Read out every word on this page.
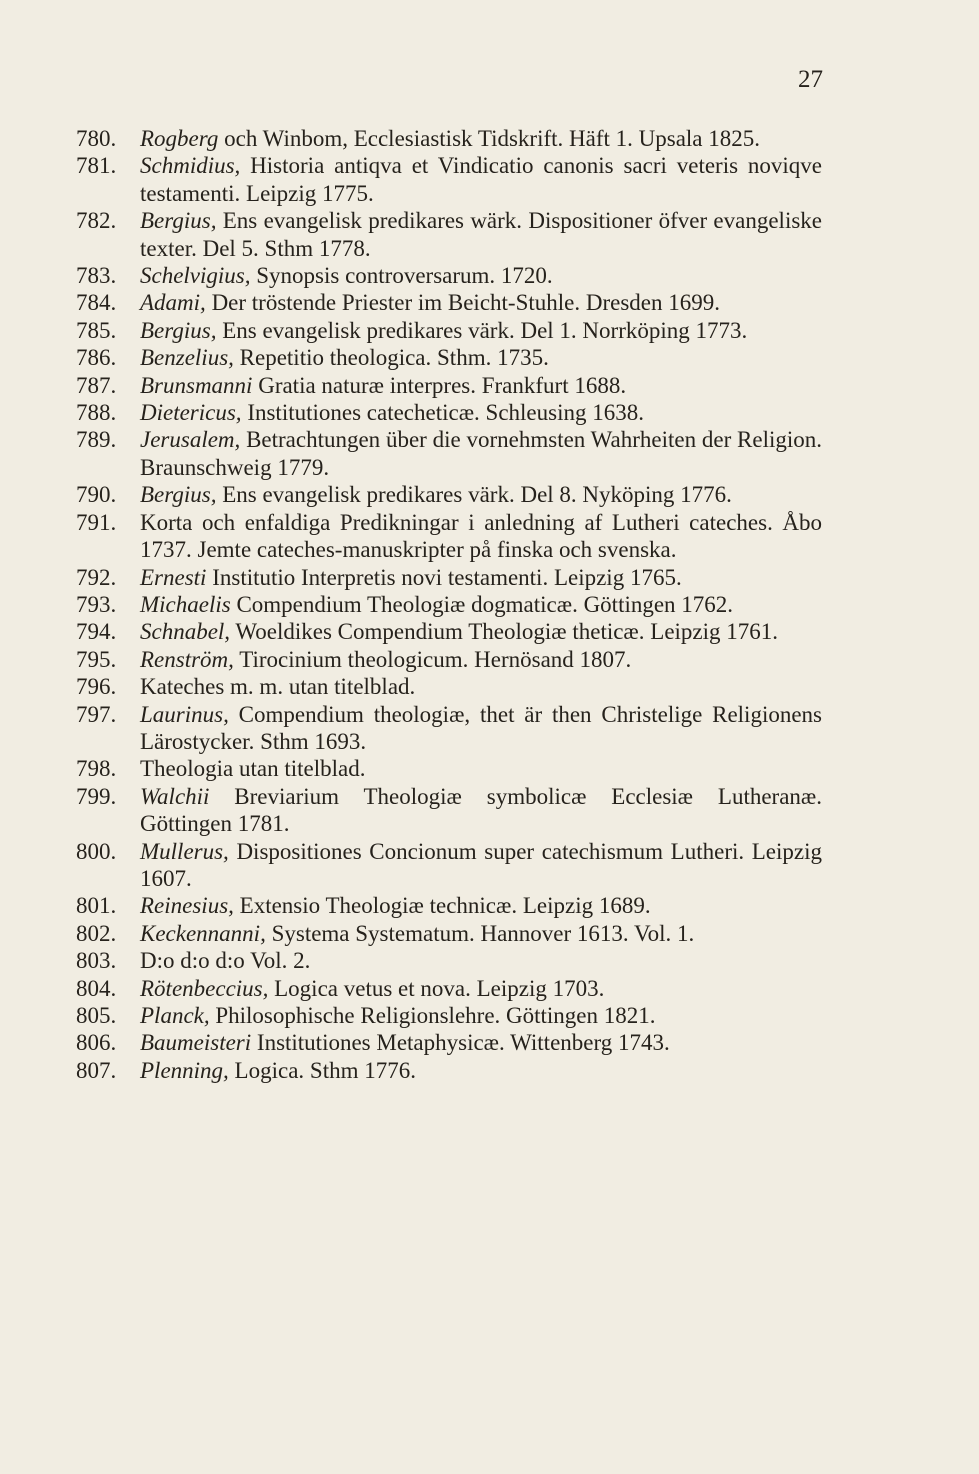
27
780. Rogberg och Winbom, Ecclesiastisk Tidskrift. Häft 1. Upsala 1825.
781. Schmidius, Historia antiqva et Vindicatio canonis sacri veteris noviqve testamenti. Leipzig 1775.
782. Bergius, Ens evangelisk predikares wärk. Dispositioner öfver evangeliske texter. Del 5. Sthm 1778.
783. Schelvigius, Synopsis controversarum. 1720.
784. Adami, Der tröstende Priester im Beicht-Stuhle. Dresden 1699.
785. Bergius, Ens evangelisk predikares värk. Del 1. Norrköping 1773.
786. Benzelius, Repetitio theologica. Sthm. 1735.
787. Brunsmanni Gratia naturæ interpres. Frankfurt 1688.
788. Dietericus, Institutiones catecheticæ. Schleusing 1638.
789. Jerusalem, Betrachtungen über die vornehmsten Wahrheiten der Religion. Braunschweig 1779.
790. Bergius, Ens evangelisk predikares värk. Del 8. Nyköping 1776.
791. Korta och enfaldiga Predikningar i anledning af Lutheri cateches. Åbo 1737. Jemte cateches-manuskripter på finska och svenska.
792. Ernesti Institutio Interpretis novi testamenti. Leipzig 1765.
793. Michaelis Compendium Theologiæ dogmaticæ. Göttingen 1762.
794. Schnabel, Woeldikes Compendium Theologiæ theticæ. Leipzig 1761.
795. Renström, Tirocinium theologicum. Hernösand 1807.
796. Kateches m. m. utan titelblad.
797. Laurinus, Compendium theologiæ, thet är then Christelige Religionens Lärostycker. Sthm 1693.
798. Theologia utan titelblad.
799. Walchii Breviarium Theologiæ symbolicæ Ecclesiæ Lutheranæ. Göttingen 1781.
800. Mullerus, Dispositiones Concionum super catechismum Lutheri. Leipzig 1607.
801. Reinesius, Extensio Theologiæ technicæ. Leipzig 1689.
802. Keckennanni, Systema Systematum. Hannover 1613. Vol. 1.
803. D:o d:o d:o Vol. 2.
804. Rötenbeccius, Logica vetus et nova. Leipzig 1703.
805. Planck, Philosophische Religionslehre. Göttingen 1821.
806. Baumeisteri Institutiones Metaphysicæ. Wittenberg 1743.
807. Plenning, Logica. Sthm 1776.
